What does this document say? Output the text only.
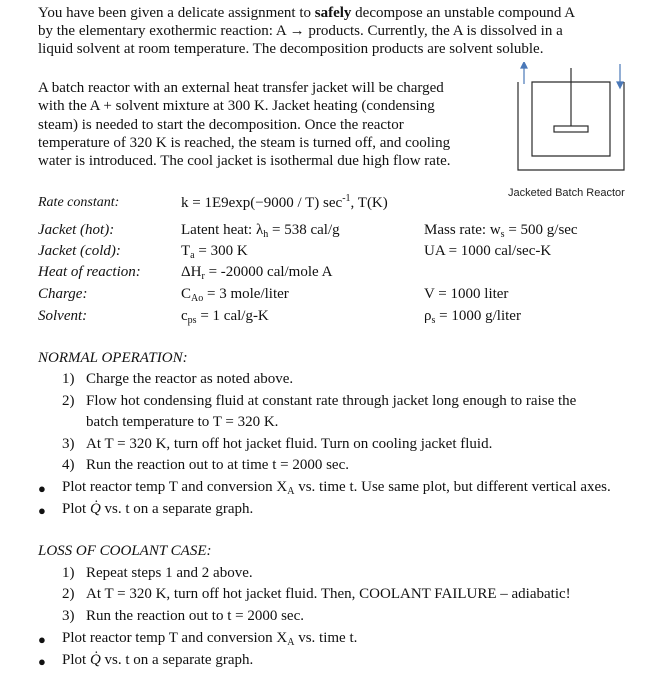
You have been given a delicate assignment to safely decompose an unstable compound A
by the elementary exothermic reaction: A → products. Currently, the A is dissolved in a
liquid solvent at room temperature. The decomposition products are solvent soluble.
A batch reactor with an external heat transfer jacket will be charged
with the A + solvent mixture at 300 K. Jacket heating (condensing
steam) is needed to start the decomposition. Once the reactor
temperature of 320 K is reached, the steam is turned off, and cooling
water is introduced. The cool jacket is isothermal due high flow rate.
Jacketed Batch Reactor
Rate constant:	k = 1E9exp(−9000 / T) $\sec^{-1}$, T(K)
Jacket (hot):	Latent heat: $\lambda_h = 538$ cal/g	Mass rate: $w_s = 500$ g/sec
Jacket (cold):	$T_a = 300$ K	UA = 1000 cal/sec-K
Heat of reaction:	$\Delta H_r = -20000$ cal/mole A
Charge:	$C_{Ao} = 3$ mole/liter	V = 1000 liter
Solvent:	$c_{ps} = 1$ cal/g-K	$\rho_s = 1000$ g/liter
NORMAL OPERATION:
1) Charge the reactor as noted above.
2) Flow hot condensing fluid at constant rate through jacket long enough to raise the
batch temperature to T = 320 K.
3) At T = 320 K, turn off hot jacket fluid. Turn on cooling jacket fluid.
4) Run the reaction out to at time t = 2000 sec.
● Plot reactor temp T and conversion $X_A$ vs. time t. Use same plot, but different vertical axes.
● Plot Q̇ vs. t on a separate graph.
LOSS OF COOLANT CASE:
1) Repeat steps 1 and 2 above.
2) At T = 320 K, turn off hot jacket fluid. Then, COOLANT FAILURE – adiabatic!
3) Run the reaction out to t = 2000 sec.
● Plot reactor temp T and conversion $X_A$ vs. time t.
● Plot Q̇ vs. t on a separate graph.
